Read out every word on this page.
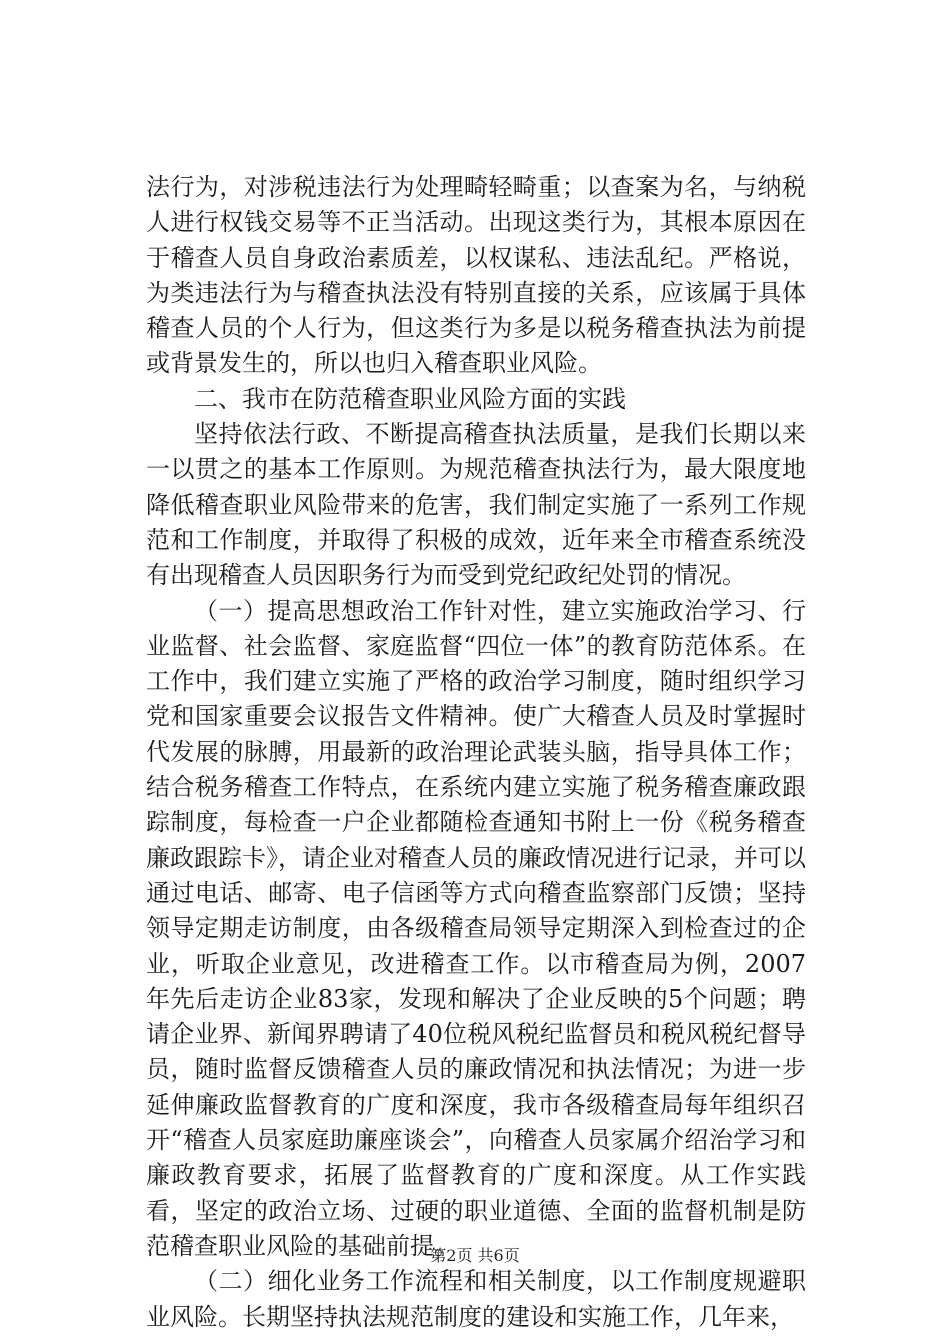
法行为，对涉税违法行为处理畸轻畸重；以查案为名，与纳税人进行权钱交易等不正当活动。出现这类行为，其根本原因在于稽查人员自身政治素质差，以权谋私、违法乱纪。严格说，为类违法行为与稽查执法没有特别直接的关系，应该属于具体稽查人员的个人行为，但这类行为多是以税务稽查执法为前提或背景发生的，所以也归入稽查职业风险。

二、我市在防范稽查职业风险方面的实践

坚持依法行政、不断提高稽查执法质量，是我们长期以来一以贯之的基本工作原则。为规范稽查执法行为，最大限度地降低稽查职业风险带来的危害，我们制定实施了一系列工作规范和工作制度，并取得了积极的成效，近年来全市稽查系统没有出现稽查人员因职务行为而受到党纪政纪处罚的情况。

（一）提高思想政治工作针对性，建立实施政治学习、行业监督、社会监督、家庭监督“四位一体”的教育防范体系。在工作中，我们建立实施了严格的政治学习制度，随时组织学习党和国家重要会议报告文件精神。使广大稽查人员及时掌握时代发展的脉膊，用最新的政治理论武装头脑，指导具体工作；结合税务稽查工作特点，在系统内建立实施了税务稽查廉政跟踪制度，每检查一户企业都随检查通知书附上一份《税务稽查廉政跟踪卡》，请企业对稽查人员的廉政情况进行记录，并可以通过电话、邮寄、电子信函等方式向稽查监察部门反馈；坚持领导定期走访制度，由各级稽查局领导定期深入到检查过的企业，听取企业意见，改进稽查工作。以市稽查局为例，2007年先后走访企业83家，发现和解决了企业反映的5个问题；聘请企业界、新闻界聘请了40位税风税纪监督员和税风税纪督导员，随时监督反馈稽查人员的廉政情况和执法情况；为进一步延伸廉政监督教育的广度和深度，我市各级稽查局每年组织召开“稽查人员家庭助廉座谈会”，向稽查人员家属介绍治学习和廉政教育要求，拓展了监督教育的广度和深度。从工作实践看，坚定的政治立场、过硬的职业道德、全面的监督机制是防范稽查职业风险的基础前提。

（二）细化业务工作流程和相关制度，以工作制度规避职业风险。长期坚持执法规范制度的建设和实施工作，几年来，

第2页 共6页
